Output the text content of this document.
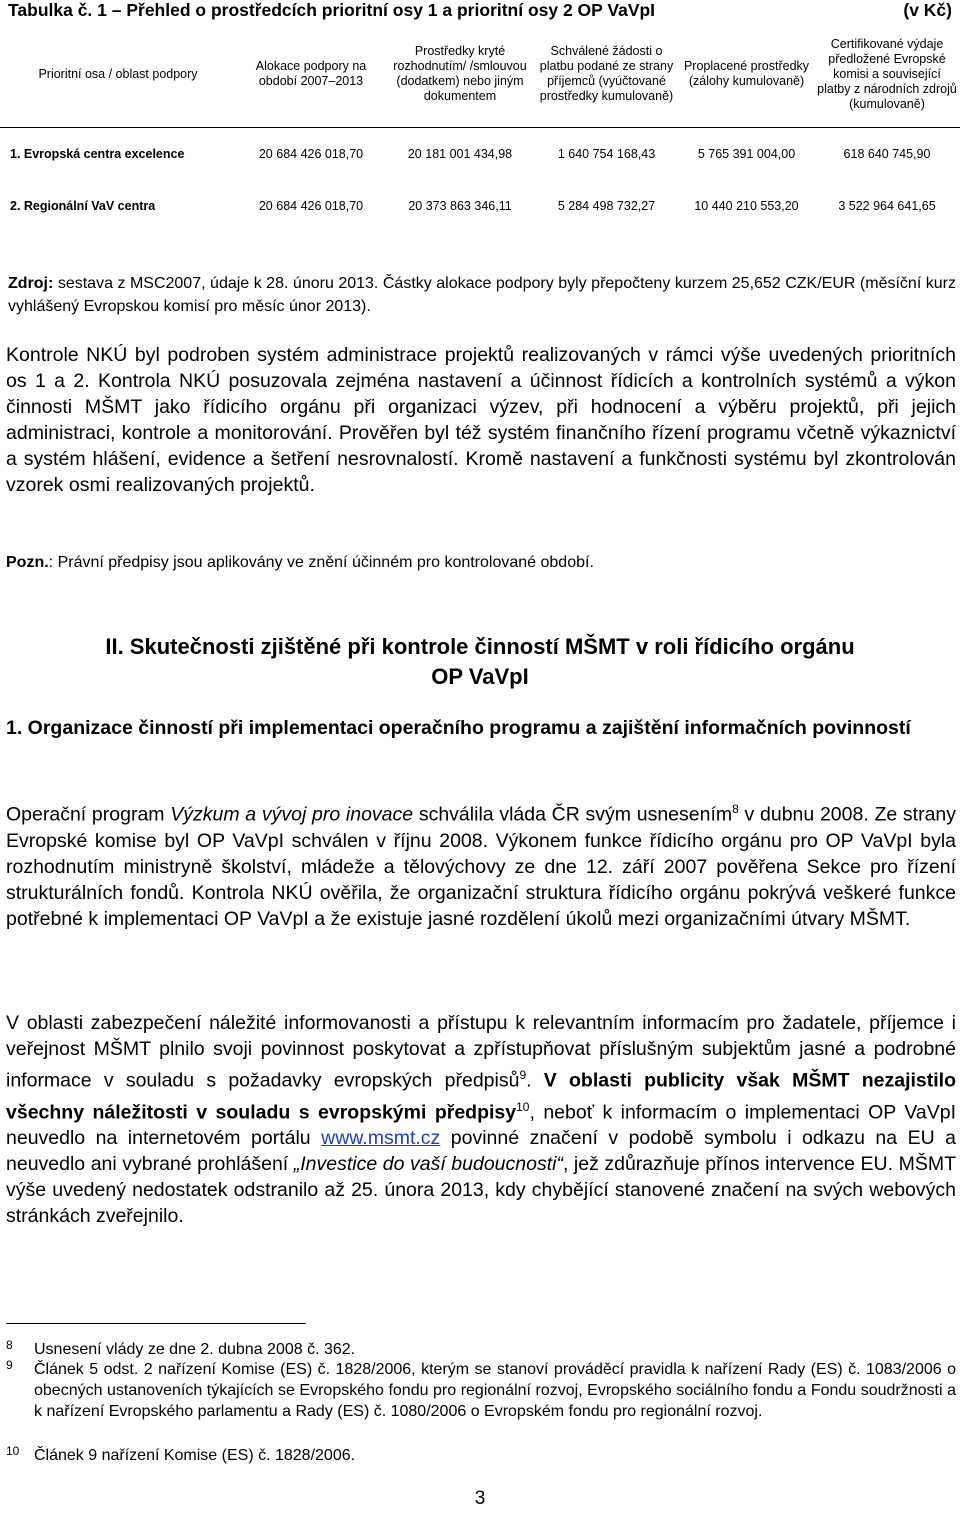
Tabulka č. 1 – Přehled o prostředcích prioritní osy 1 a prioritní osy 2 OP VaVpI	(v Kč)
Prioritní osa / oblast podpory	Alokace podpory na období 2007–2013	Prostředky kryté rozhodnutím/ /smlouvou (dodatkem) nebo jiným dokumentem	Schválené žádosti o platbu podané ze strany příjemců (vyúčtované prostředky kumulovaně)	Proplacené prostředky (zálohy kumulovaně)	Certifikované výdaje předložené Evropské komisi a související platby z národních zdrojů (kumulovaně)
1. Evropská centra excelence	20 684 426 018,70	20 181 001 434,98	1 640 754 168,43	5 765 391 004,00	618 640 745,90
2. Regionální VaV centra	20 684 426 018,70	20 373 863 346,11	5 284 498 732,27	10 440 210 553,20	3 522 964 641,65
Zdroj: sestava z MSC2007, údaje k 28. únoru 2013. Částky alokace podpory byly přepočteny kurzem 25,652 CZK/EUR (měsíční kurz vyhlášený Evropskou komisí pro měsíc únor 2013).
Kontrole NKÚ byl podroben systém administrace projektů realizovaných v rámci výše uvedených prioritních os 1 a 2. Kontrola NKÚ posuzovala zejména nastavení a účinnost řídicích a kontrolních systémů a výkon činnosti MŠMT jako řídicího orgánu při organizaci výzev, při hodnocení a výběru projektů, při jejich administraci, kontrole a monitorování. Prověřen byl též systém finančního řízení programu včetně výkaznictví a systém hlášení, evidence a šetření nesrovnalostí. Kromě nastavení a funkčnosti systému byl zkontrolován vzorek osmi realizovaných projektů.
Pozn.: Právní předpisy jsou aplikovány ve znění účinném pro kontrolované období.
II. Skutečnosti zjištěné při kontrole činností MŠMT v roli řídicího orgánu
OP VaVpI
1. Organizace činností při implementaci operačního programu a zajištění informačních povinností
Operační program Výzkum a vývoj pro inovace schválila vláda ČR svým usnesením$^8$ v dubnu 2008. Ze strany Evropské komise byl OP VaVpI schválen v říjnu 2008. Výkonem funkce řídicího orgánu pro OP VaVpI byla rozhodnutím ministryně školství, mládeže a tělovýchovy ze dne 12. září 2007 pověřena Sekce pro řízení strukturálních fondů. Kontrola NKÚ ověřila, že organizační struktura řídicího orgánu pokrývá veškeré funkce potřebné k implementaci OP VaVpI a že existuje jasné rozdělení úkolů mezi organizačními útvary MŠMT.
V oblasti zabezpečení náležité informovanosti a přístupu k relevantním informacím pro žadatele, příjemce i veřejnost MŠMT plnilo svoji povinnost poskytovat a zpřístupňovat příslušným subjektům jasné a podrobné informace v souladu s požadavky evropských předpisů$^9$. V oblasti publicity však MŠMT nezajistilo všechny náležitosti v souladu s evropskými předpisy$^{10}$, neboť k informacím o implementaci OP VaVpI neuvedlo na internetovém portálu www.msmt.cz povinné značení v podobě symbolu i odkazu na EU a neuvedlo ani vybrané prohlášení „Investice do vaší budoucnosti“, jež zdůrazňuje přínos intervence EU. MŠMT výše uvedený nedostatek odstranilo až 25. února 2013, kdy chybějící stanovené značení na svých webových stránkách zveřejnilo.
8 Usnesení vlády ze dne 2. dubna 2008 č. 362.
9 Článek 5 odst. 2 nařízení Komise (ES) č. 1828/2006, kterým se stanoví prováděcí pravidla k nařízení Rady (ES) č. 1083/2006 o obecných ustanoveních týkajících se Evropského fondu pro regionální rozvoj, Evropského sociálního fondu a Fondu soudržnosti a k nařízení Evropského parlamentu a Rady (ES) č. 1080/2006 o Evropském fondu pro regionální rozvoj.
10 Článek 9 nařízení Komise (ES) č. 1828/2006.
3
